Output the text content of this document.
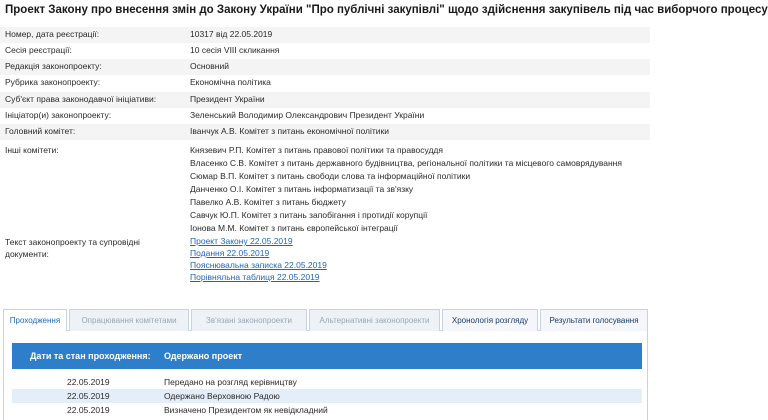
Проект Закону про внесення змін до Закону України "Про публічні закупівлі" щодо здійснення закупівель під час виборчого процесу
Номер, дата реєстрації:	10317 від 22.05.2019
Сесія реєстрації:	10 сесія VIII скликання
Редакція законопроекту:	Основний
Рубрика законопроекту:	Економічна політика
Суб'єкт права законодавчої ініціативи:	Президент України
Ініціатор(и) законопроекту:	Зеленський Володимир Олександрович Президент України
Головний комітет:	Іванчук А.В. Комітет з питань економічної політики
Інші комітети:	Князевич Р.П. Комітет з питань правової політики та правосуддя
Власенко С.В. Комітет з питань державного будівництва, регіональної політики та місцевого самоврядування
Сюмар В.П. Комітет з питань свободи слова та інформаційної політики
Данченко О.І. Комітет з питань інформатизації та зв'язку
Павелко А.В. Комітет з питань бюджету
Савчук Ю.П. Комітет з питань запобігання і протидії корупції
Іонова М.М. Комітет з питань європейської інтеграції
Текст законопроекту та супровідні документи:
Проект Закону 22.05.2019
Подання 22.05.2019
Пояснювальна записка 22.05.2019
Порівняльна таблиця 22.05.2019
Проходження	Опрацювання комітетами	Зв'язані законопроекти	Альтернативні законопроекти	Хронологія розгляду	Результати голосування
Дати та стан проходження: Одержано проект
22.05.2019	Передано на розгляд керівництву
22.05.2019	Одержано Верховною Радою
22.05.2019	Визначено Президентом як невідкладний
